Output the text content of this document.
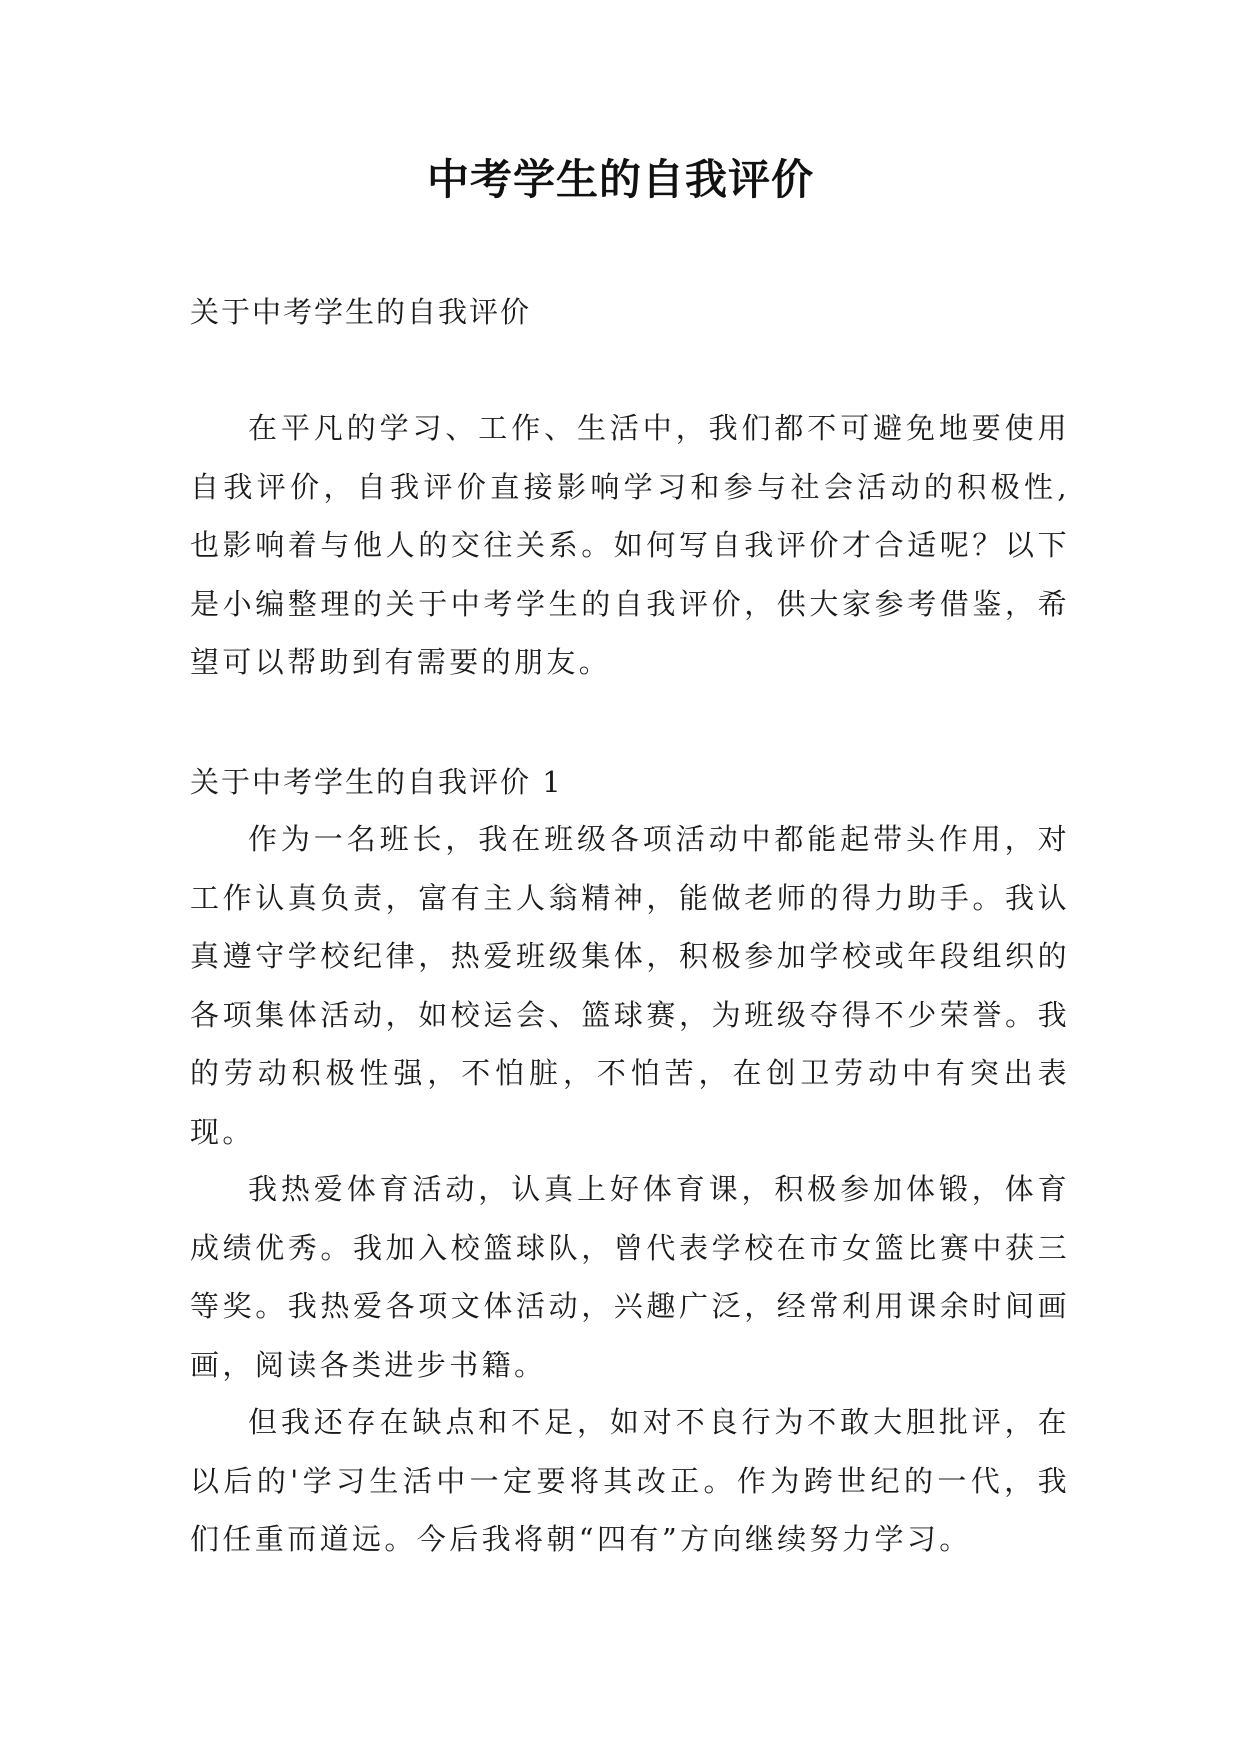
中考学生的自我评价
关于中考学生的自我评价

在平凡的学习、工作、生活中，我们都不可避免地要使用自我评价，自我评价直接影响学习和参与社会活动的积极性,也影响着与他人的交往关系。如何写自我评价才合适呢？以下是小编整理的关于中考学生的自我评价，供大家参考借鉴，希望可以帮助到有需要的朋友。

关于中考学生的自我评价 1

作为一名班长，我在班级各项活动中都能起带头作用，对工作认真负责，富有主人翁精神，能做老师的得力助手。我认真遵守学校纪律，热爱班级集体，积极参加学校或年段组织的各项集体活动，如校运会、篮球赛，为班级夺得不少荣誉。我的劳动积极性强，不怕脏，不怕苦，在创卫劳动中有突出表现。

我热爱体育活动，认真上好体育课，积极参加体锻，体育成绩优秀。我加入校篮球队，曾代表学校在市女篮比赛中获三等奖。我热爱各项文体活动，兴趣广泛，经常利用课余时间画画，阅读各类进步书籍。

但我还存在缺点和不足，如对不良行为不敢大胆批评，在以后的'学习生活中一定要将其改正。作为跨世纪的一代，我们任重而道远。今后我将朝“四有”方向继续努力学习。
